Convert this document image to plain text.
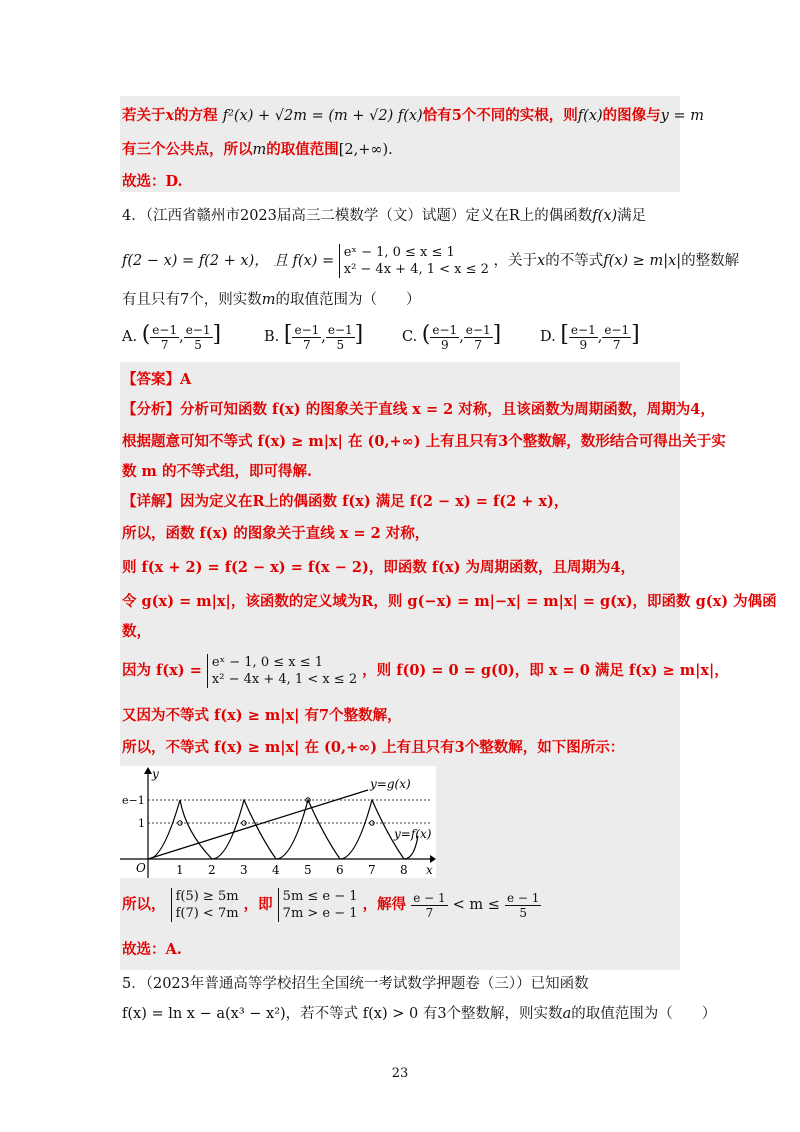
若关于x的方程 f²(x) + √2m = (m + √2) f(x)恰有5个不同的实根，则f(x)的图像与y = m
有三个公共点，所以m的取值范围[2,+∞).
故选：D.
4．（江西省赣州市2023届高三二模数学（文）试题）定义在R上的偶函数f(x)满足
f(2 − x) = f(2 + x)， 且 f(x) =
eˣ − 1, 0 ≤ x ≤ 1
x² − 4x + 4, 1 < x ≤ 2
，关于x的不等式f(x) ≥ m|x|的整数解
有且只有7个，则实数m的取值范围为（　　）
A. ( $\frac{e-1}{7}$ , $\frac{e-1}{5}$ ]	B. [ $\frac{e-1}{7}$ , $\frac{e-1}{5}$ ]	C. ( $\frac{e-1}{9}$ , $\frac{e-1}{7}$ ]	D. [ $\frac{e-1}{9}$ , $\frac{e-1}{7}$ ]
【答案】A
【分析】分析可知函数 f(x) 的图象关于直线 x = 2 对称，且该函数为周期函数，周期为4，
根据题意可知不等式 f(x) ≥ m|x| 在 (0,+∞) 上有且只有3个整数解，数形结合可得出关于实
数 m 的不等式组，即可得解.
【详解】因为定义在R上的偶函数 f(x) 满足 f(2 − x) = f(2 + x)，
所以，函数 f(x) 的图象关于直线 x = 2 对称，
则 f(x + 2) = f(2 − x) = f(x − 2)，即函数 f(x) 为周期函数，且周期为4，
令 g(x) = m|x|，该函数的定义域为R，则 g(−x) = m|−x| = m|x| = g(x)，即函数 g(x) 为偶函
数，
因为 f(x) = eˣ − 1, 0 ≤ x ≤ 1
x² − 4x + 4, 1 < x ≤ 2
，则 f(0) = 0 = g(0)，即 x = 0 满足 f(x) ≥ m|x|，
又因为不等式 f(x) ≥ m|x| 有7个整数解，
所以，不等式 f(x) ≥ m|x| 在 (0,+∞) 上有且只有3个整数解，如下图所示：
y
x
O
e−1
1
1 2 3 4 5 6 7 8
y=g(x)
y=f(x)
所以， f(5) ≥ 5m
f(7) < 7m
，即 5m ≤ e − 1
7m > e − 1
，解得 $\frac{e - 1}{7} < m \le \frac{e - 1}{5}$
故选：A.
5．（2023年普通高等学校招生全国统一考试数学押题卷（三））已知函数
f(x) = ln x − a(x³ − x²)，若不等式 f(x) > 0 有3个整数解，则实数a的取值范围为（　　）
23
